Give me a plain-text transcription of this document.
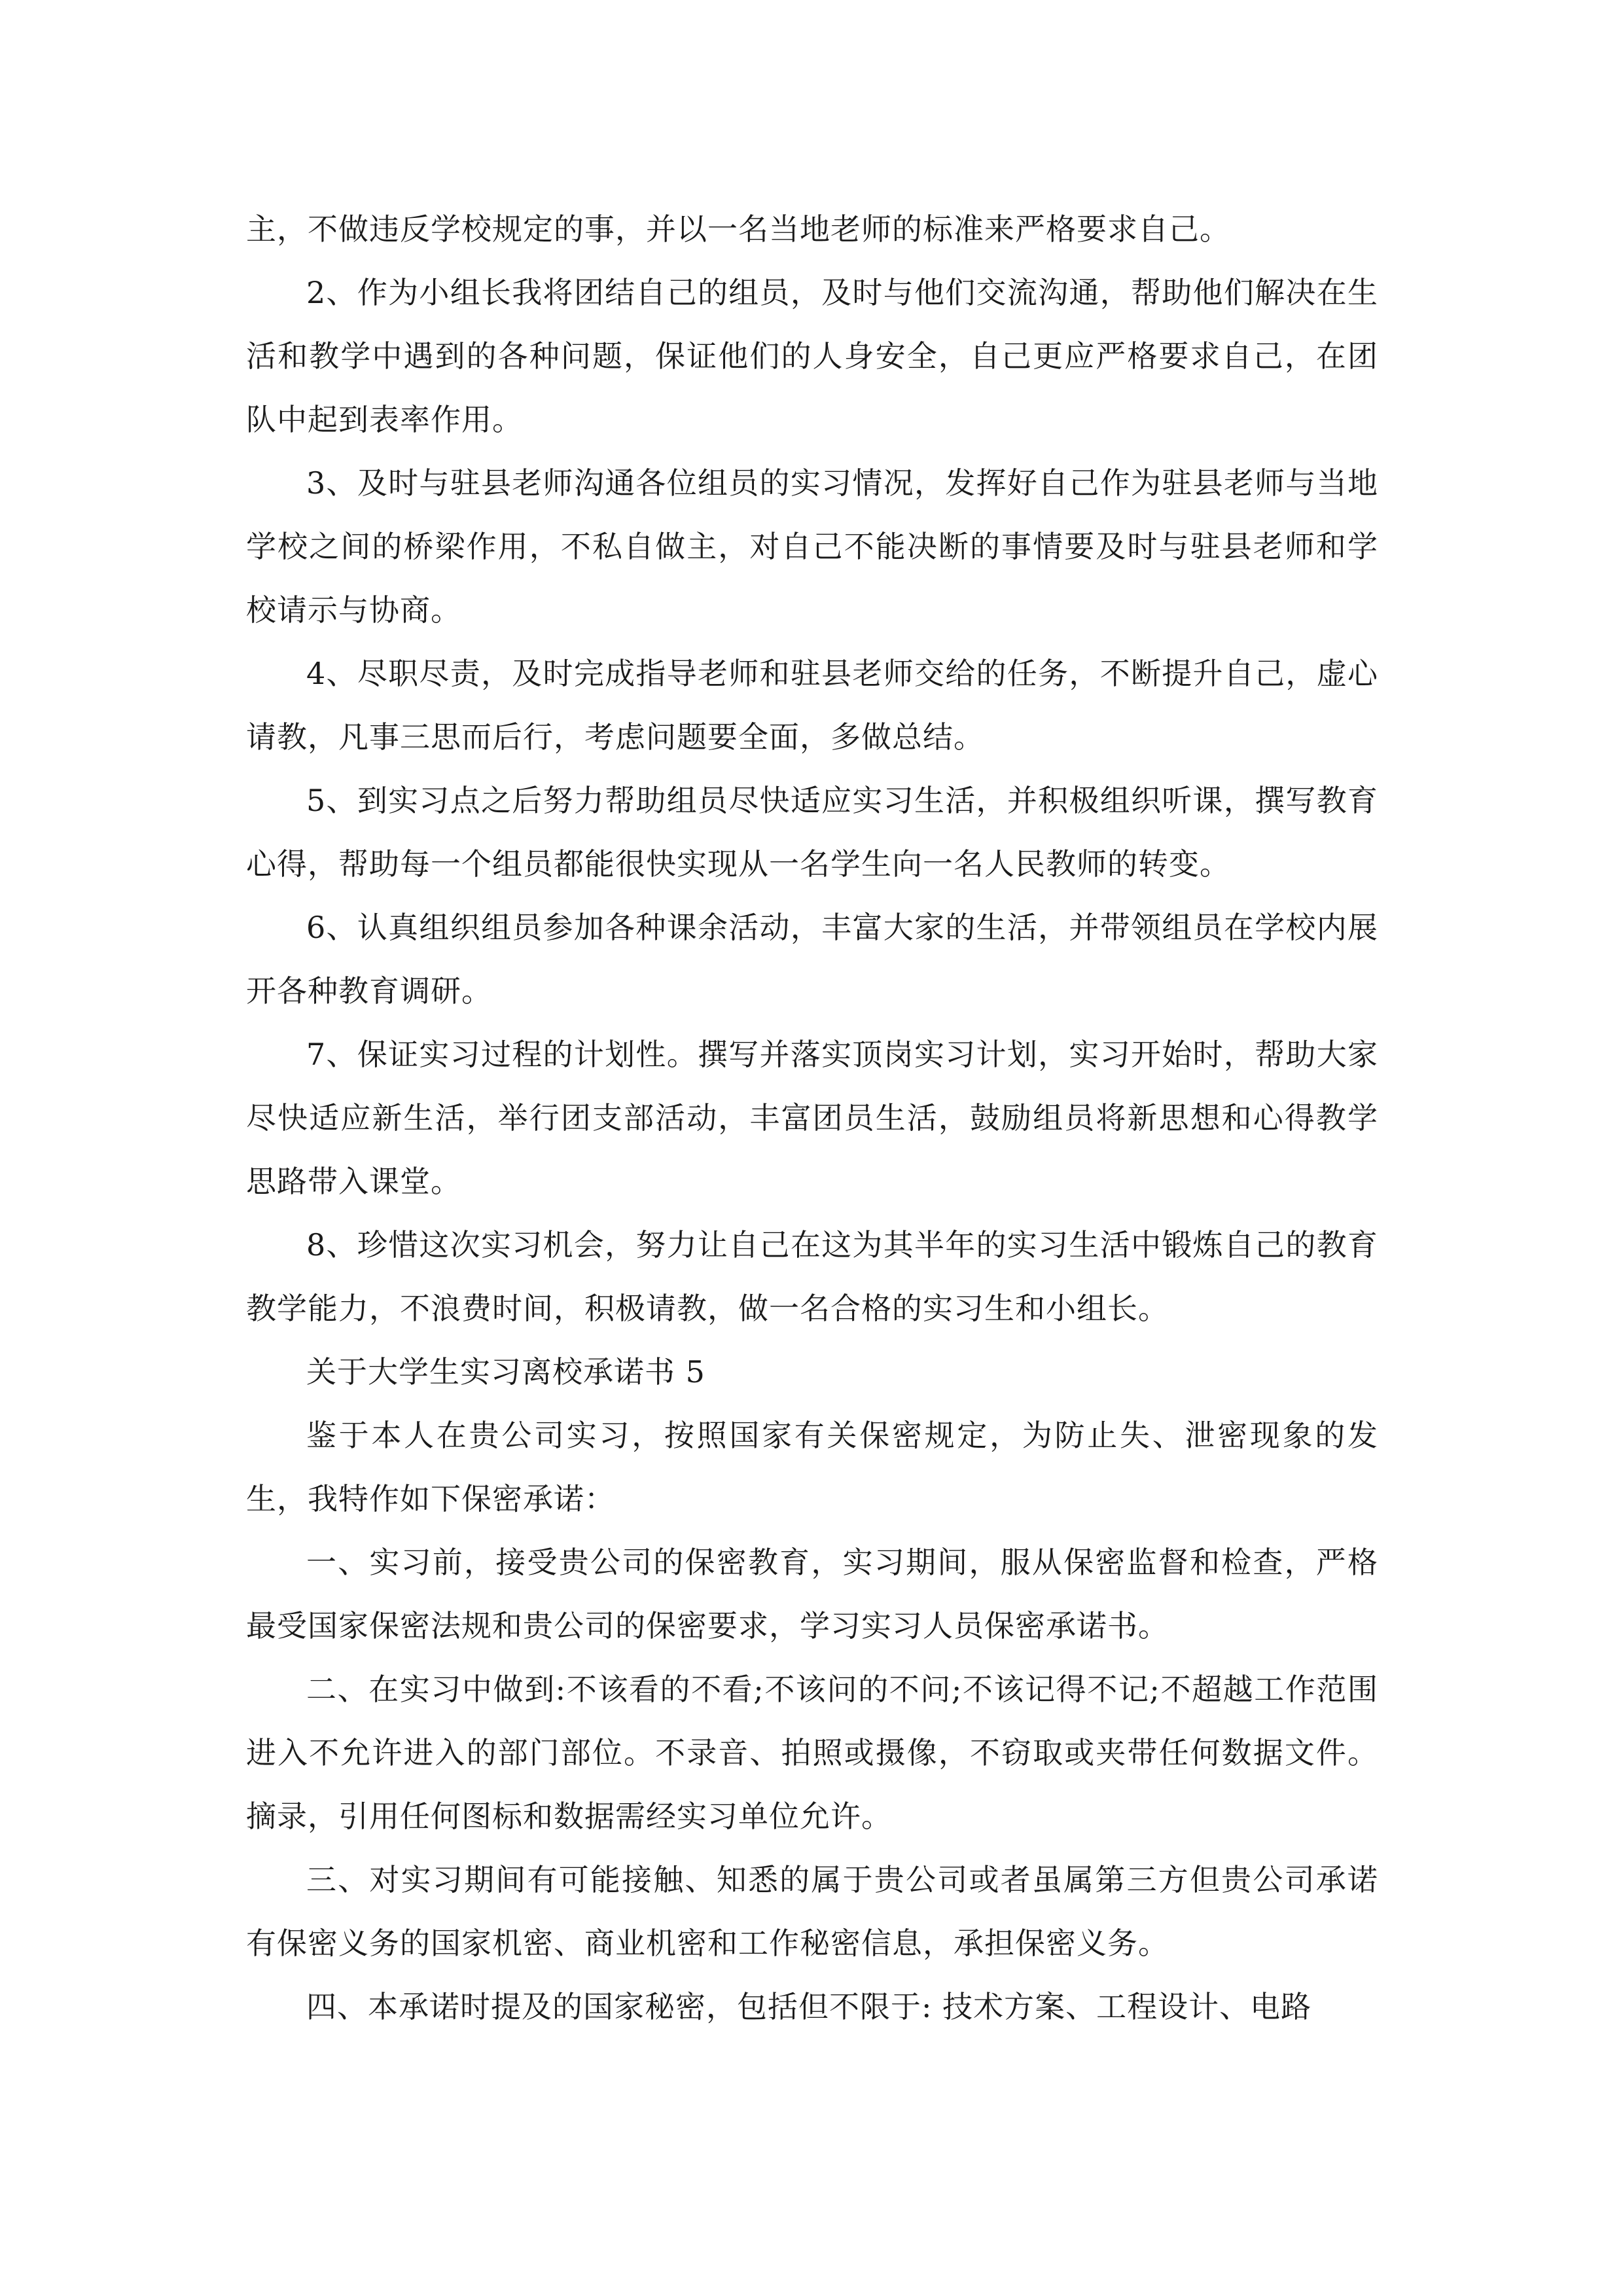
主，不做违反学校规定的事，并以一名当地老师的标准来严格要求自己。

2、作为小组长我将团结自己的组员，及时与他们交流沟通，帮助他们解决在生活和教学中遇到的各种问题，保证他们的人身安全，自己更应严格要求自己，在团队中起到表率作用。

3、及时与驻县老师沟通各位组员的实习情况，发挥好自己作为驻县老师与当地学校之间的桥梁作用，不私自做主，对自己不能决断的事情要及时与驻县老师和学校请示与协商。

4、尽职尽责，及时完成指导老师和驻县老师交给的任务，不断提升自己，虚心请教，凡事三思而后行，考虑问题要全面，多做总结。

5、到实习点之后努力帮助组员尽快适应实习生活，并积极组织听课，撰写教育心得，帮助每一个组员都能很快实现从一名学生向一名人民教师的转变。

6、认真组织组员参加各种课余活动，丰富大家的生活，并带领组员在学校内展开各种教育调研。

7、保证实习过程的计划性。撰写并落实顶岗实习计划，实习开始时，帮助大家尽快适应新生活，举行团支部活动，丰富团员生活，鼓励组员将新思想和心得教学思路带入课堂。

8、珍惜这次实习机会，努力让自己在这为其半年的实习生活中锻炼自己的教育教学能力，不浪费时间，积极请教，做一名合格的实习生和小组长。

关于大学生实习离校承诺书 5

鉴于本人在贵公司实习，按照国家有关保密规定，为防止失、泄密现象的发生，我特作如下保密承诺：

一、实习前，接受贵公司的保密教育，实习期间，服从保密监督和检查，严格最受国家保密法规和贵公司的保密要求，学习实习人员保密承诺书。

二、在实习中做到:不该看的不看;不该问的不问;不该记得不记;不超越工作范围进入不允许进入的部门部位。不录音、拍照或摄像，不窃取或夹带任何数据文件。摘录，引用任何图标和数据需经实习单位允许。

三、对实习期间有可能接触、知悉的属于贵公司或者虽属第三方但贵公司承诺有保密义务的国家机密、商业机密和工作秘密信息，承担保密义务。

四、本承诺时提及的国家秘密，包括但不限于: 技术方案、工程设计、电路
